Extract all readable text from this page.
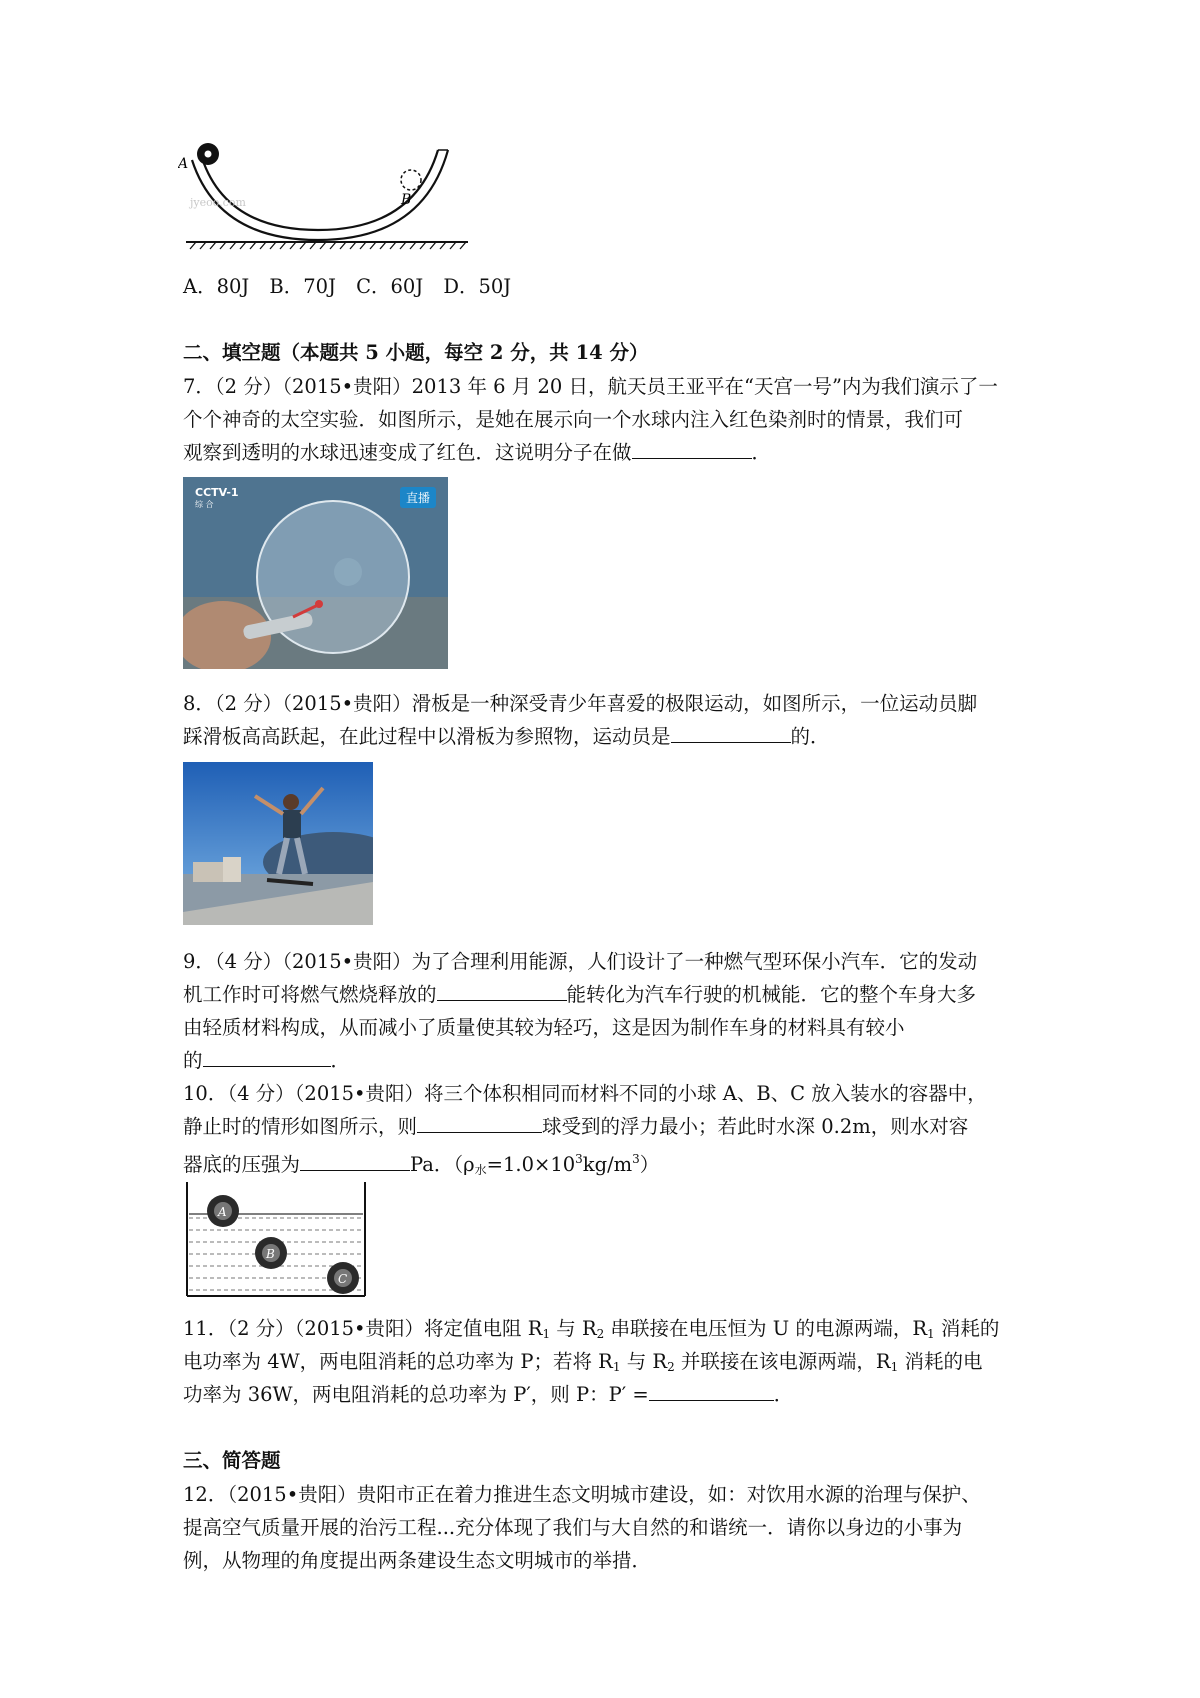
A
B
jyeoo.com
A．80J B．70J C．60J D．50J
二、填空题（本题共 5 小题，每空 2 分，共 14 分）
7．（2 分）（2015•贵阳）2013 年 6 月 20 日，航天员王亚平在“天宫一号”内为我们演示了一
个个神奇的太空实验．如图所示，是她在展示向一个水球内注入红色染剂时的情景，我们可
观察到透明的水球迅速变成了红色．这说明分子在做	．
CCTV-1
综 合	直播
8．（2 分）（2015•贵阳）滑板是一种深受青少年喜爱的极限运动，如图所示，一位运动员脚
踩滑板高高跃起，在此过程中以滑板为参照物，运动员是	的．
9．（4 分）（2015•贵阳）为了合理利用能源，人们设计了一种燃气型环保小汽车．它的发动
机工作时可将燃气燃烧释放的	能转化为汽车行驶的机械能．它的整个车身大多
由轻质材料构成，从而减小了质量使其较为轻巧，这是因为制作车身的材料具有较小
的	．
10．（4 分）（2015•贵阳）将三个体积相同而材料不同的小球 A、B、C 放入装水的容器中，
静止时的情形如图所示，则	球受到的浮力最小；若此时水深 0.2m，则水对容
器底的压强为	Pa．（ρ水$=1.0\times 10^3kg/m^3$）
A
B
C
11．（2 分）（2015•贵阳）将定值电阻 $R_1$ 与 $R_2$ 串联接在电压恒为 U 的电源两端，$R_1$ 消耗的
电功率为 4W，两电阻消耗的总功率为 P；若将 $R_1$ 与 $R_2$ 并联接在该电源两端，$R_1$ 消耗的电
功率为 36W，两电阻消耗的总功率为 P′，则 P：P′ =	．
三、简答题
12．（2015•贵阳）贵阳市正在着力推进生态文明城市建设，如：对饮用水源的治理与保护、
提高空气质量开展的治污工程...充分体现了我们与大自然的和谐统一．请你以身边的小事为
例，从物理的角度提出两条建设生态文明城市的举措．
